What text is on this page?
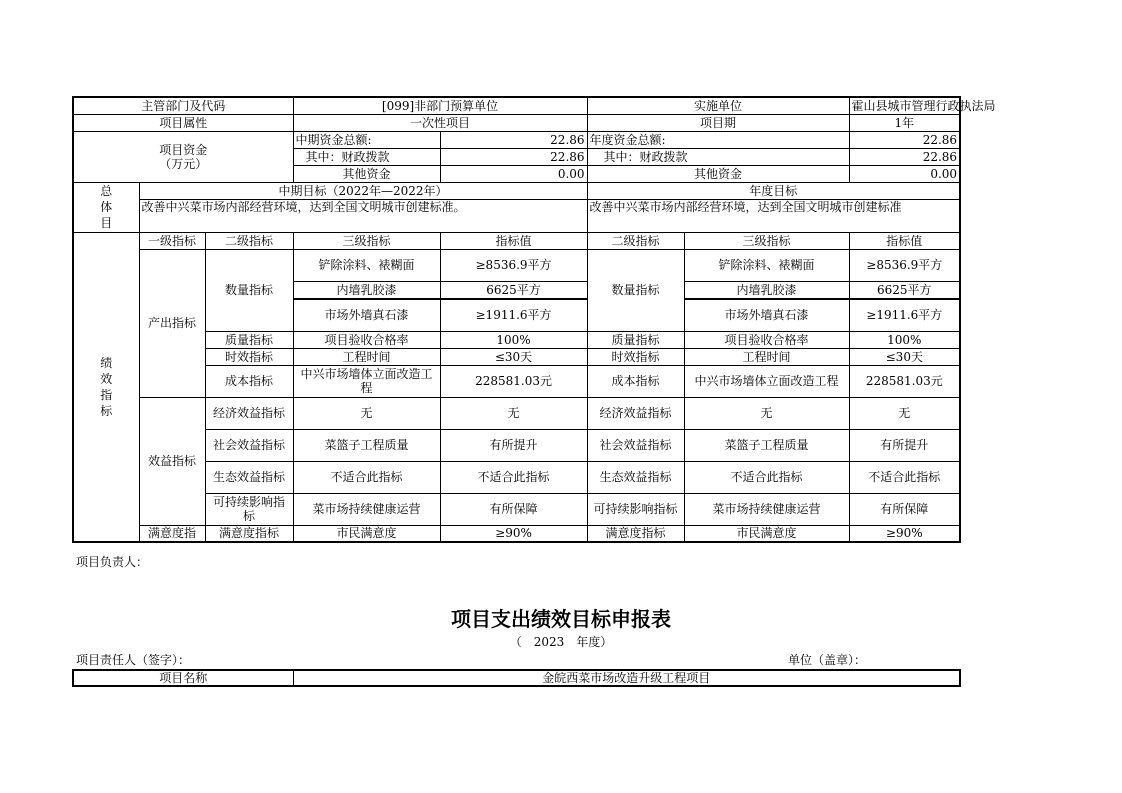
主管部门及代码			[099]非部门预算单位		实施单位		霍山县城市管理行政执法局
项目属性			一次性项目		项目期		1年

项目资金
（万元）			中期资金总额:	22.86	年度资金总额:		22.86
			其中：财政拨款	22.86	其中：财政拨款		22.86
			其他资金	0.00	其他资金		0.00

总
体
目	中期目标（2022年—2022年）				年度目标		
	改善中兴菜市场内部经营环境，达到全国文明城市创建标准。				改善中兴菜市场内部经营环境，达到全国文明城市创建标准		

绩
效
指
标	一级指标	二级指标	三级指标	指标值	二级指标	三级指标	指标值
	产出指标	数量指标	铲除涂料、裱糊面	≥8536.9平方	数量指标	铲除涂料、裱糊面	≥8536.9平方
			内墙乳胶漆	6625平方		内墙乳胶漆	6625平方
			市场外墙真石漆	≥1911.6平方		市场外墙真石漆	≥1911.6平方
		质量指标	项目验收合格率	100%	质量指标	项目验收合格率	100%
		时效指标	工程时间	≤30天	时效指标	工程时间	≤30天
		成本指标	中兴市场墙体立面改造工程	228581.03元	成本指标	中兴市场墙体立面改造工程	228581.03元
	效益指标	经济效益指标	无	无	经济效益指标	无	无
		社会效益指标	菜篮子工程质量	有所提升	社会效益指标	菜篮子工程质量	有所提升
		生态效益指标	不适合此指标	不适合此指标	生态效益指标	不适合此指标	不适合此指标
		可持续影响指标	菜市场持续健康运营	有所保障	可持续影响指标	菜市场持续健康运营	有所保障
	满意度指	满意度指标	市民满意度	≥90%	满意度指标	市民满意度	≥90%
项目负责人：
项目支出绩效目标申报表
（　2023　年度）
项目责任人（签字）：	单位（盖章）：
项目名称	金皖西菜市场改造升级工程项目
